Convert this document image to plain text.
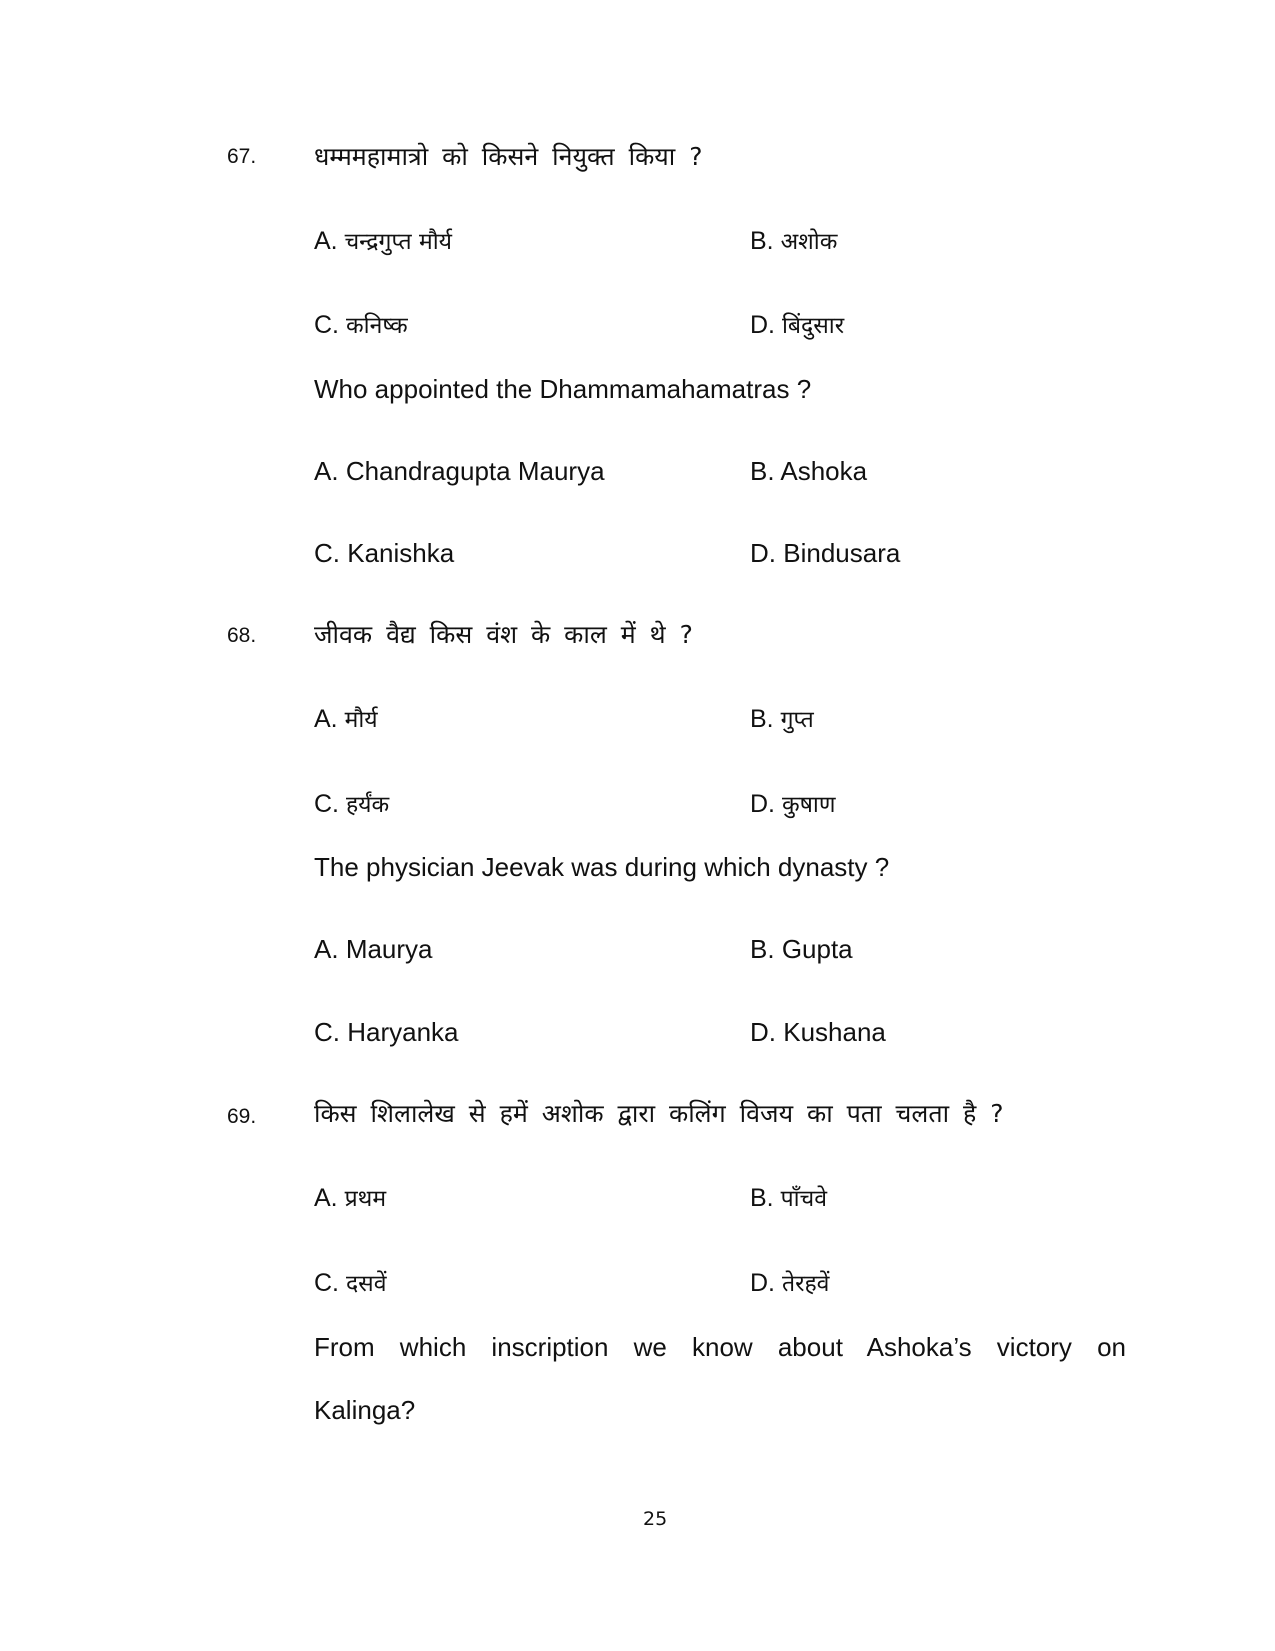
67. धम्ममहामात्रो को किसने नियुक्त किया ?
A. चन्द्रगुप्त मौर्य	B. अशोक
C. कनिष्क	D. बिंदुसार
Who appointed the Dhammamahamatras ?
A. Chandragupta Maurya	B. Ashoka
C. Kanishka	D. Bindusara
68. जीवक वैद्य किस वंश के काल में थे ?
A. मौर्य	B. गुप्त
C. हर्यंक	D. कुषाण
The physician Jeevak was during which dynasty ?
A. Maurya	B. Gupta
C. Haryanka	D. Kushana
69. किस शिलालेख से हमें अशोक द्वारा कलिंग विजय का पता चलता है ?
A. प्रथम	B. पाँचवे
C. दसवें	D. तेरहवें
From which inscription we know about Ashoka’s victory on
Kalinga?
25
